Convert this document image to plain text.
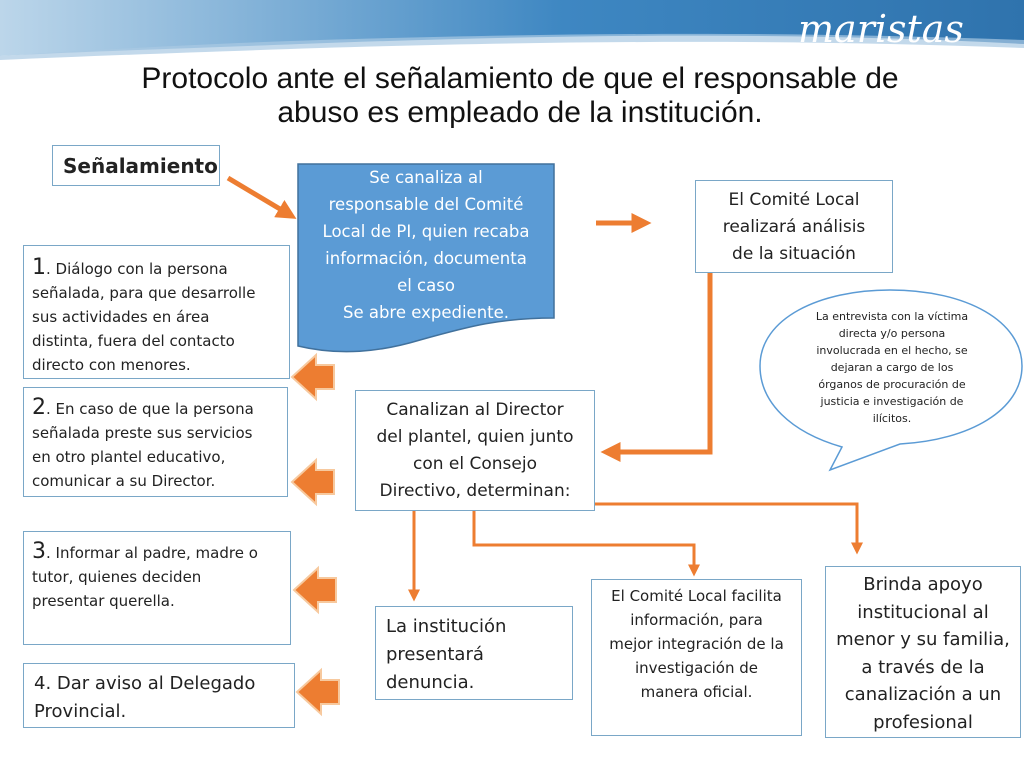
maristas
Protocolo ante el señalamiento de que el responsable de
abuso es empleado de la institución.
Señalamiento	Se canaliza al
responsable del Comité
Local de PI, quien recaba
información, documenta
el caso
Se abre expediente.
El Comité Local
realizará análisis
de la situación
La entrevista con la víctima
directa y/o persona
involucrada en el hecho, se
dejaran a cargo de los
órganos de procuración de
justicia e investigación de
ilícitos.
1. Diálogo con la persona
señalada, para que desarrolle
sus actividades en área
distinta, fuera del contacto
directo con menores.
2. En caso de que la persona
señalada preste sus servicios
en otro plantel educativo,
comunicar a su Director.
Canalizan al Director
del plantel, quien junto
con el Consejo
Directivo, determinan:
3. Informar al padre, madre o
tutor, quienes deciden
presentar querella.
4. Dar aviso al Delegado
Provincial.
La institución
presentará
denuncia.
El Comité Local facilita
información, para
mejor integración de la
investigación de
manera oficial.
Brinda apoyo
institucional al
menor y su familia,
a través de la
canalización a un
profesional
